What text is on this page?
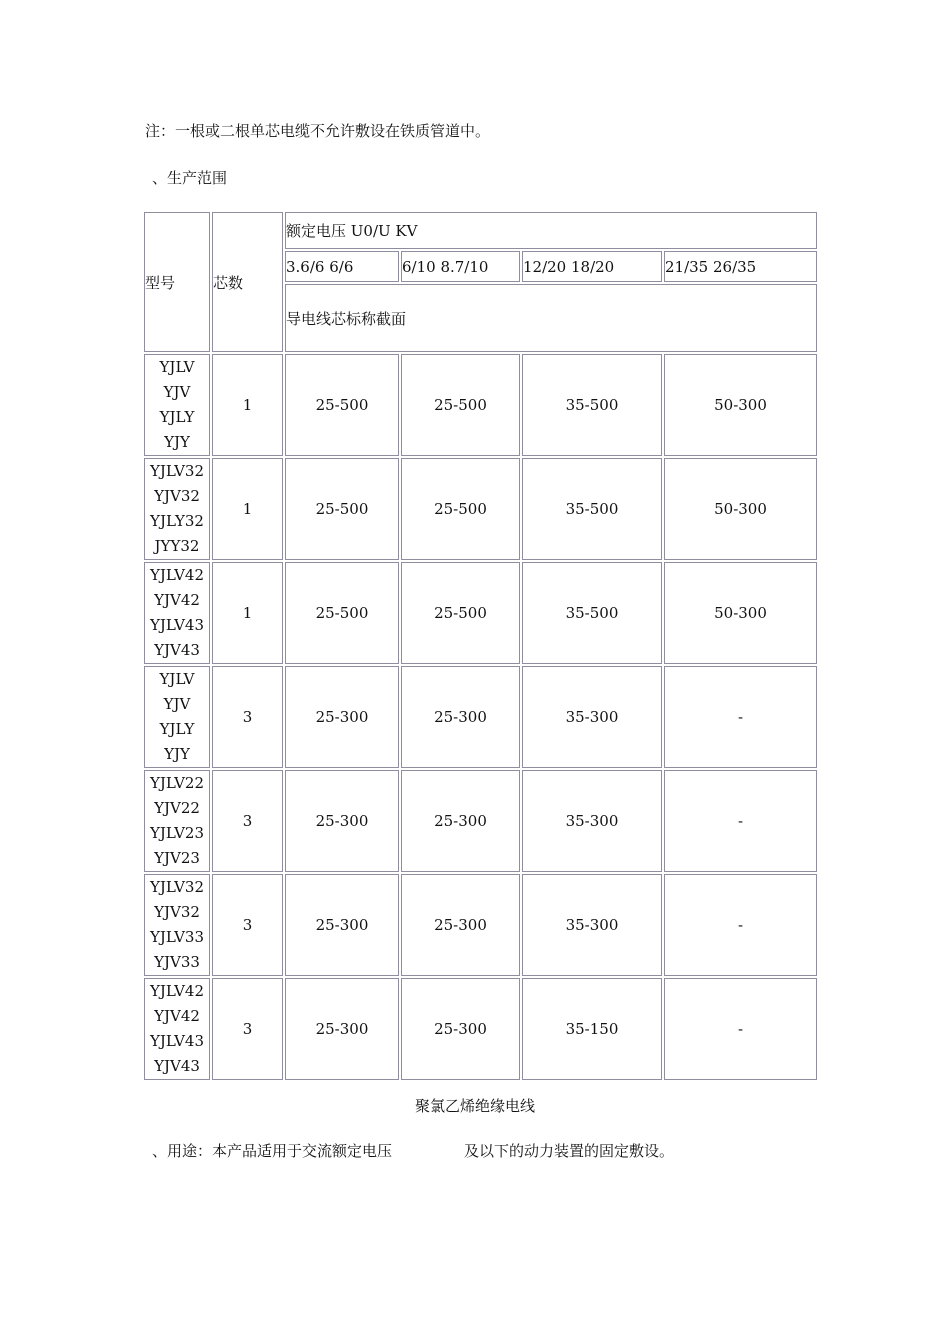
注：一根或二根单芯电缆不允许敷设在铁质管道中。
、生产范围
型号	芯数	额定电压 U0/U KV			
		3.6/6 6/6	6/10 8.7/10	12/20 18/20	21/35 26/35
		导电线芯标称截面			

YJLV
YJV
YJLY
YJY	1	25-500	25-500	35-500	50-300

YJLV32
YJV32
YJLY32
JYY32	1	25-500	25-500	35-500	50-300

YJLV42
YJV42
YJLV43
YJV43	1	25-500	25-500	35-500	50-300

YJLV
YJV
YJLY
YJY	3	25-300	25-300	35-300	-

YJLV22
YJV22
YJLV23
YJV23	3	25-300	25-300	35-300	-

YJLV32
YJV32
YJLV33
YJV33	3	25-300	25-300	35-300	-

YJLV42
YJV42
YJLV43
YJV43	3	25-300	25-300	35-150	-
聚氯乙烯绝缘电线
、用途：本产品适用于交流额定电压	及以下的动力装置的固定敷设。
